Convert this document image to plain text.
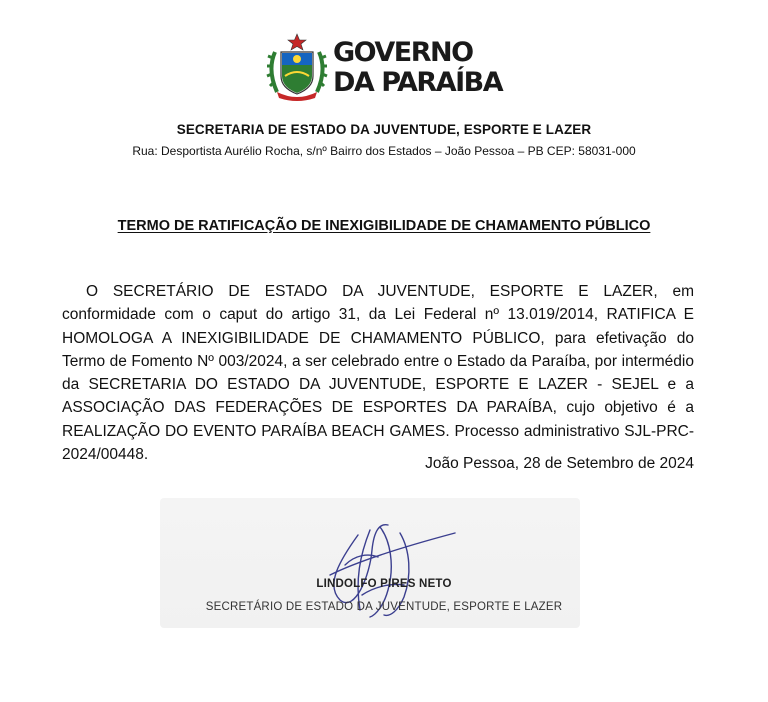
GOVERNO
DA PARAÍBA
SECRETARIA DE ESTADO DA JUVENTUDE, ESPORTE E LAZER
Rua: Desportista Aurélio Rocha, s/nº Bairro dos Estados – João Pessoa – PB CEP: 58031-000
TERMO DE RATIFICAÇÃO DE INEXIGIBILIDADE DE CHAMAMENTO PÚBLICO

O SECRETÁRIO DE ESTADO DA JUVENTUDE, ESPORTE E LAZER, em conformidade com o caput do artigo 31, da Lei Federal nº 13.019/2014, RATIFICA E HOMOLOGA A INEXIGIBILIDADE DE CHAMAMENTO PÚBLICO, para efetivação do Termo de Fomento Nº 003/2024, a ser celebrado entre o Estado da Paraíba, por intermédio da SECRETARIA DO ESTADO DA JUVENTUDE, ESPORTE E LAZER - SEJEL e a ASSOCIAÇÃO DAS FEDERAÇÕES DE ESPORTES DA PARAÍBA, cujo objetivo é a REALIZAÇÃO DO EVENTO PARAÍBA BEACH GAMES. Processo administrativo SJL-PRC-2024/00448.

João Pessoa, 28 de Setembro de 2024
LINDOLFO PIRES NETO
SECRETÁRIO DE ESTADO DA JUVENTUDE, ESPORTE E LAZER
